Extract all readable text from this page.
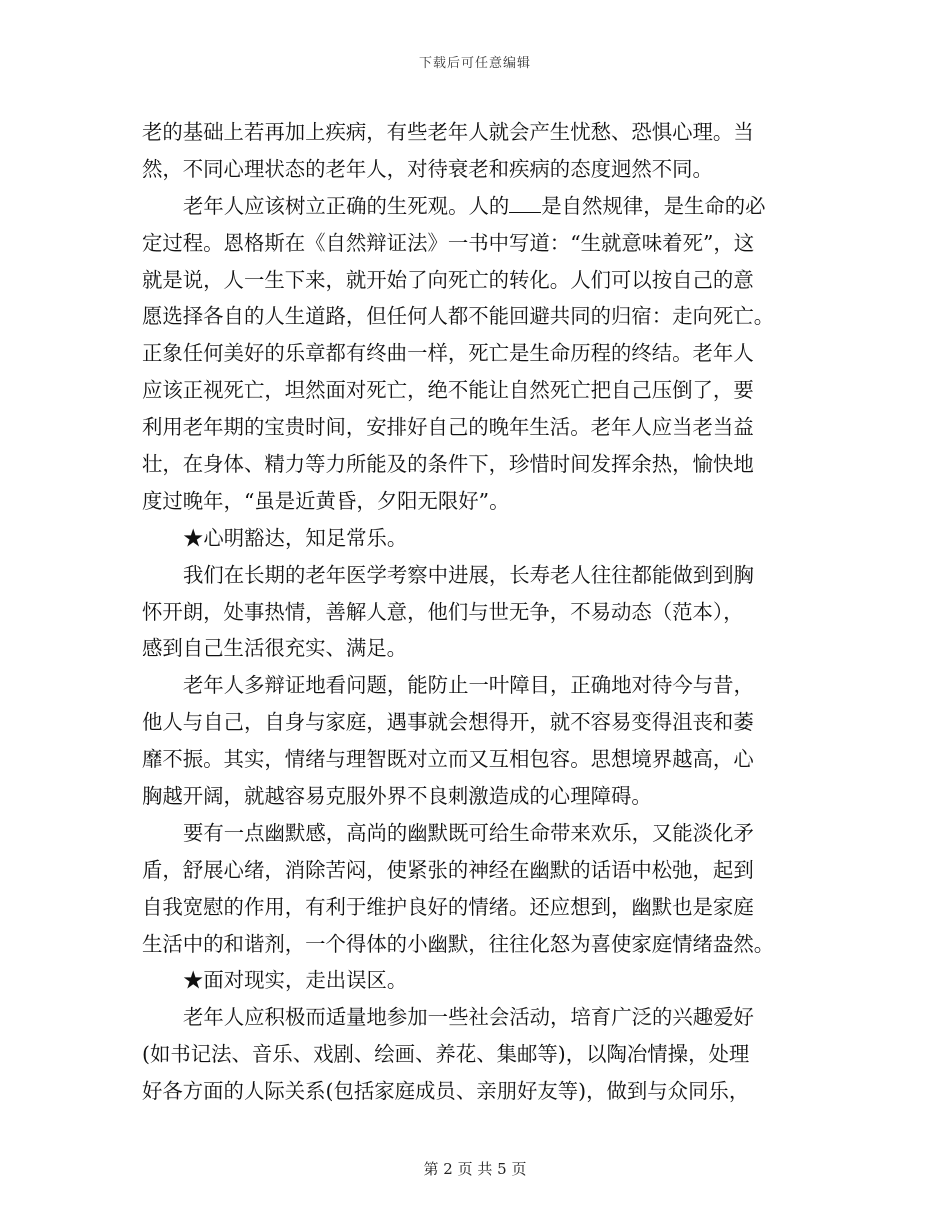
下载后可任意编辑
老的基础上若再加上疾病，有些老年人就会产生忧愁、恐惧心理。当
然，不同心理状态的老年人，对待衰老和疾病的态度迥然不同。
老年人应该树立正确的生死观。人的 是自然规律，是生命的必
定过程。恩格斯在《自然辩证法》一书中写道：“生就意味着死”，这
就是说，人一生下来，就开始了向死亡的转化。人们可以按自己的意
愿选择各自的人生道路，但任何人都不能回避共同的归宿：走向死亡。
正象任何美好的乐章都有终曲一样，死亡是生命历程的终结。老年人
应该正视死亡，坦然面对死亡，绝不能让自然死亡把自己压倒了，要
利用老年期的宝贵时间，安排好自己的晚年生活。老年人应当老当益
壮，在身体、精力等力所能及的条件下，珍惜时间发挥余热，愉快地
度过晚年，“虽是近黄昏，夕阳无限好”。
★心明豁达，知足常乐。
我们在长期的老年医学考察中进展，长寿老人往往都能做到到胸
怀开朗，处事热情，善解人意，他们与世无争，不易动态（范本），
感到自己生活很充实、满足。
老年人多辩证地看问题，能防止一叶障目，正确地对待今与昔，
他人与自己，自身与家庭，遇事就会想得开，就不容易变得沮丧和萎
靡不振。其实，情绪与理智既对立而又互相包容。思想境界越高，心
胸越开阔，就越容易克服外界不良刺激造成的心理障碍。
要有一点幽默感，高尚的幽默既可给生命带来欢乐，又能淡化矛
盾，舒展心绪，消除苦闷，使紧张的神经在幽默的话语中松弛，起到
自我宽慰的作用，有利于维护良好的情绪。还应想到，幽默也是家庭
生活中的和谐剂，一个得体的小幽默，往往化怒为喜使家庭情绪盎然。
★面对现实，走出误区。
老年人应积极而适量地参加一些社会活动，培育广泛的兴趣爱好
(如书记法、音乐、戏剧、绘画、养花、集邮等)，以陶冶情操，处理
好各方面的人际关系(包括家庭成员、亲朋好友等)，做到与众同乐，
第 2 页 共 5 页
